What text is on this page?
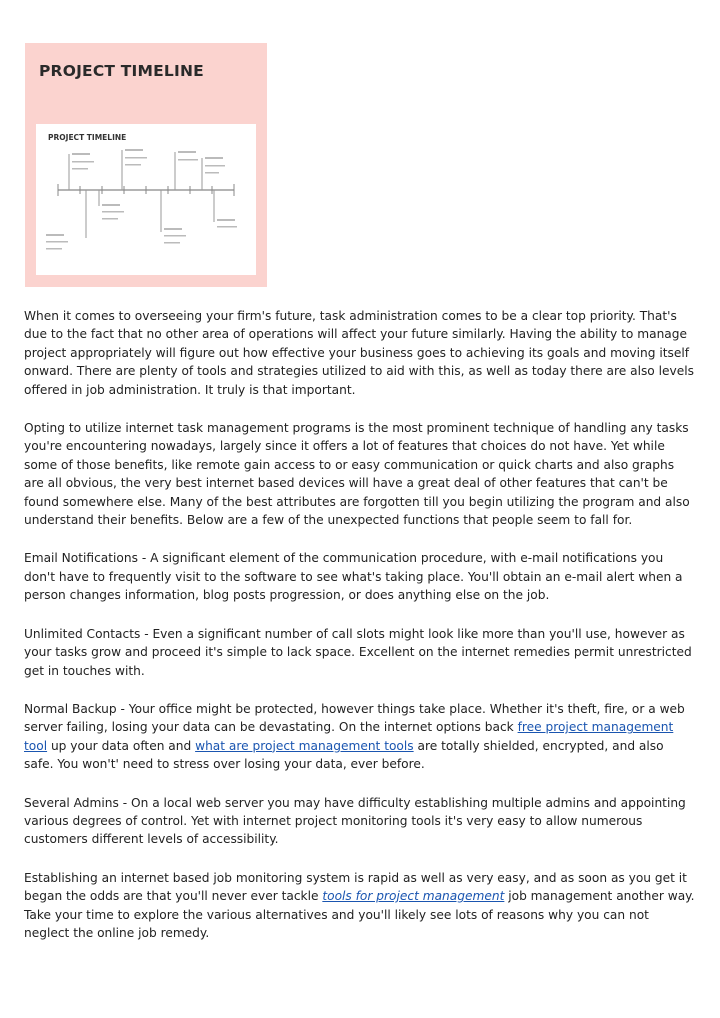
PROJECT TIMELINE
PROJECT TIMELINE

When it comes to overseeing your firm's future, task administration comes to be a clear top priority. That's due to the fact that no other area of operations will affect your future similarly. Having the ability to manage project appropriately will figure out how effective your business goes to achieving its goals and moving itself onward. There are plenty of tools and strategies utilized to aid with this, as well as today there are also levels offered in job administration. It truly is that important.

Opting to utilize internet task management programs is the most prominent technique of handling any tasks you're encountering nowadays, largely since it offers a lot of features that choices do not have. Yet while some of those benefits, like remote gain access to or easy communication or quick charts and also graphs are all obvious, the very best internet based devices will have a great deal of other features that can't be found somewhere else. Many of the best attributes are forgotten till you begin utilizing the program and also understand their benefits. Below are a few of the unexpected functions that people seem to fall for.

Email Notifications - A significant element of the communication procedure, with e-mail notifications you don't have to frequently visit to the software to see what's taking place. You'll obtain an e-mail alert when a person changes information, blog posts progression, or does anything else on the job.

Unlimited Contacts - Even a significant number of call slots might look like more than you'll use, however as your tasks grow and proceed it's simple to lack space. Excellent on the internet remedies permit unrestricted get in touches with.

Normal Backup - Your office might be protected, however things take place. Whether it's theft, fire, or a web server failing, losing your data can be devastating. On the internet options back free project management tool up your data often and what are project management tools are totally shielded, encrypted, and also safe. You won't' need to stress over losing your data, ever before.

Several Admins - On a local web server you may have difficulty establishing multiple admins and appointing various degrees of control. Yet with internet project monitoring tools it's very easy to allow numerous customers different levels of accessibility.

Establishing an internet based job monitoring system is rapid as well as very easy, and as soon as you get it began the odds are that you'll never ever tackle tools for project management job management another way. Take your time to explore the various alternatives and you'll likely see lots of reasons why you can not neglect the online job remedy.
